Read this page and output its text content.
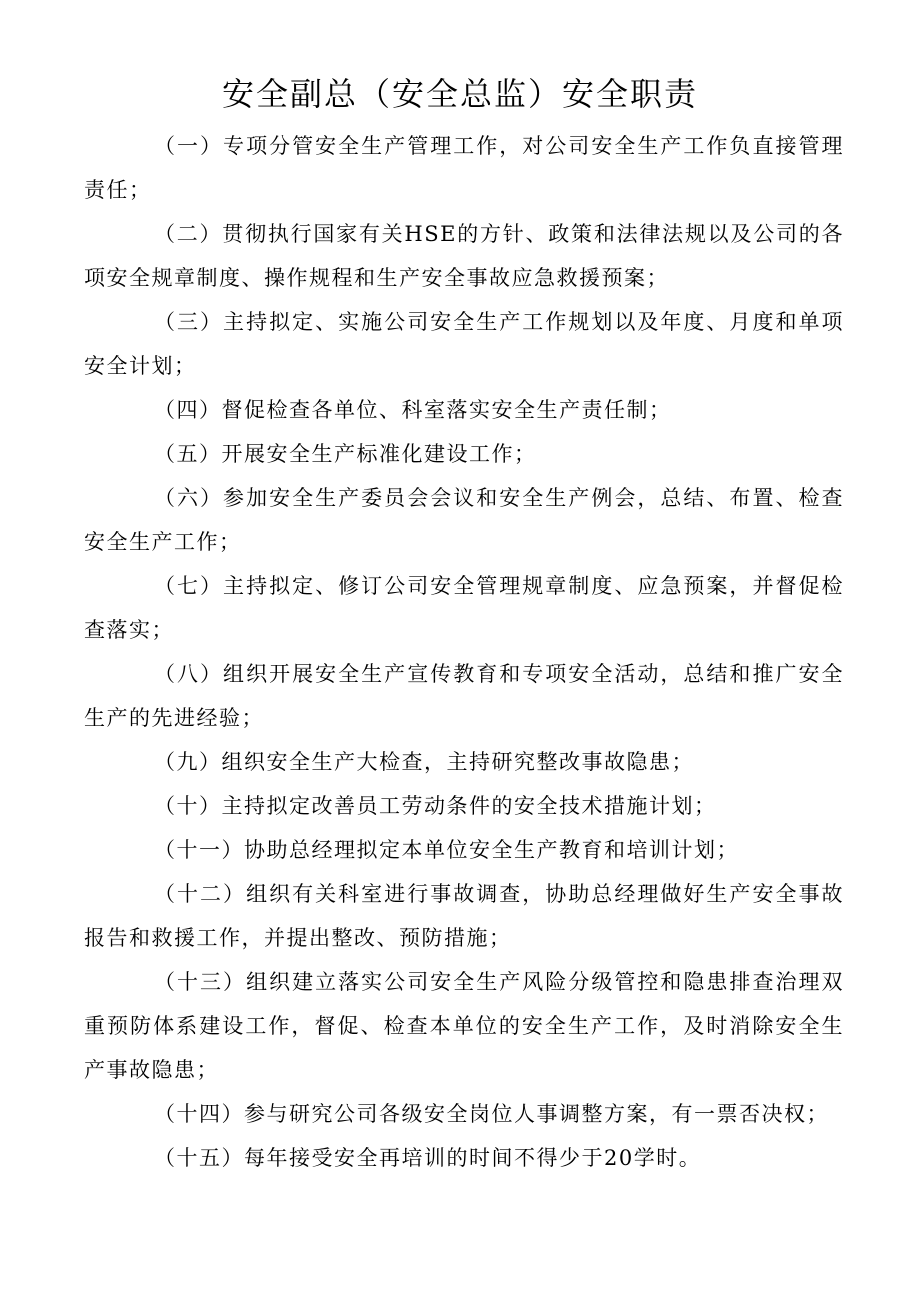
安全副总（安全总监）安全职责

（一）专项分管安全生产管理工作，对公司安全生产工作负直接管理责任；

（二）贯彻执行国家有关HSE的方针、政策和法律法规以及公司的各项安全规章制度、操作规程和生产安全事故应急救援预案；

（三）主持拟定、实施公司安全生产工作规划以及年度、月度和单项安全计划；

（四）督促检查各单位、科室落实安全生产责任制；

（五）开展安全生产标准化建设工作；

（六）参加安全生产委员会会议和安全生产例会，总结、布置、检查安全生产工作；

（七）主持拟定、修订公司安全管理规章制度、应急预案，并督促检查落实；

（八）组织开展安全生产宣传教育和专项安全活动，总结和推广安全生产的先进经验；

（九）组织安全生产大检查，主持研究整改事故隐患；

（十）主持拟定改善员工劳动条件的安全技术措施计划；

（十一）协助总经理拟定本单位安全生产教育和培训计划；

（十二）组织有关科室进行事故调查，协助总经理做好生产安全事故报告和救援工作，并提出整改、预防措施；

（十三）组织建立落实公司安全生产风险分级管控和隐患排查治理双重预防体系建设工作，督促、检查本单位的安全生产工作，及时消除安全生产事故隐患；

（十四）参与研究公司各级安全岗位人事调整方案，有一票否决权；

（十五）每年接受安全再培训的时间不得少于20学时。
